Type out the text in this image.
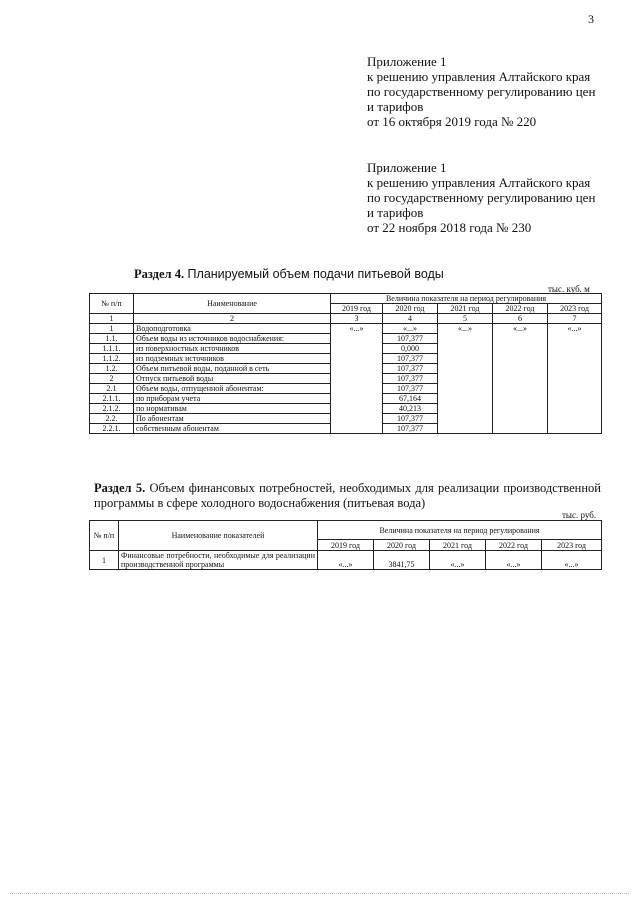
3
Приложение 1
к решению управления Алтайского края
по государственному регулированию цен
и тарифов
от 16 октября 2019 года № 220
Приложение 1
к решению управления Алтайского края
по государственному регулированию цен
и тарифов
от 22 ноября 2018 года № 230
Раздел 4. Планируемый объем подачи питьевой воды
тыс. куб. м
№ п/п	Наименование	Величина показателя на период регулирования				
		2019 год	2020 год	2021 год	2022 год	2023 год
1	2	3	4	5	6	7
1	Водоподготовка	«...»	«...»	«...»	«...»	«...»
1.1.	Объем воды из источников водоснабжения:		107,377			
1.1.1.	из поверхностных источников		0,000			
1.1.2.	из подземных источников		107,377			
1.2.	Объем питьевой воды, поданной в сеть		107,377			
2	Отпуск питьевой воды		107,377			
2.1	Объем воды, отпущенной абонентам:		107,377			
2.1.1.	по приборам учета		67,164			
2.1.2.	по нормативам		40,213			
2.2.	По абонентам		107,377			
2.2.1.	собственным абонентам		107,377			
Раздел 5. Объем финансовых потребностей, необходимых для реализации производственной программы в сфере холодного водоснабжения (питьевая вода)
тыс. руб.
№ п/п	Наименование показателей	Величина показателя на период регулирования				
		2019 год	2020 год	2021 год	2022 год	2023 год
1	Финансовые потребности, необходимые для реализации производственной программы	«...»	3841,75	«...»	«...»	«...»
